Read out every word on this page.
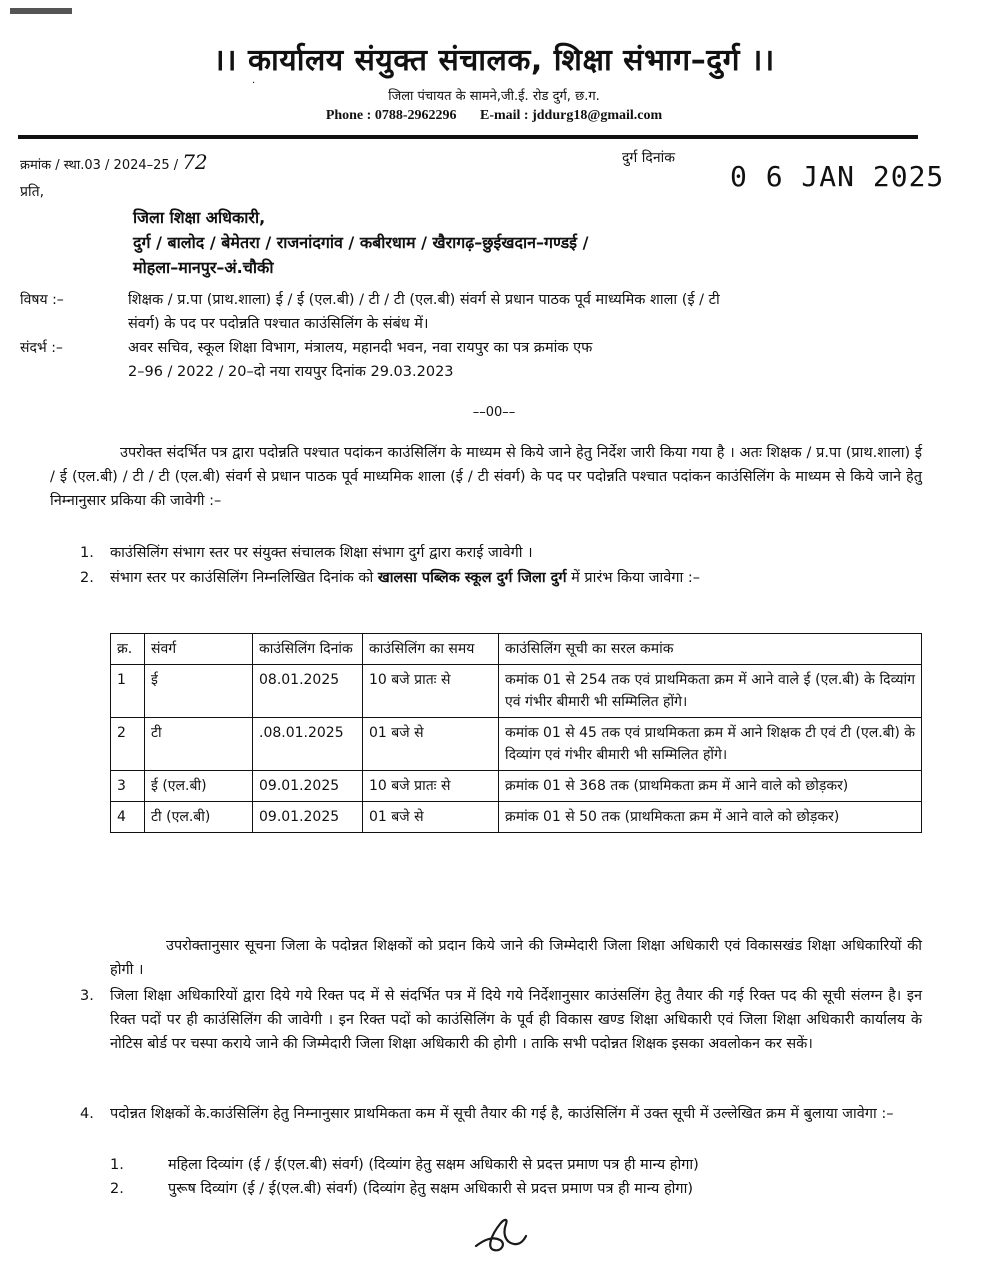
।। कार्यालय संयुक्त संचालक, शिक्षा संभाग–दुर्ग ।।
·
जिला पंचायत के सामने,जी.ई. रोड दुर्ग, छ.ग.
Phone : 0788-2962296 E-mail : jddurg18@gmail.com
क्रमांक / स्था.03 / 2024–25 / 72	दुर्ग दिनांक
0 6 JAN 2025
प्रति,
जिला शिक्षा अधिकारी,
दुर्ग / बालोद / बेमेतरा / राजनांदगांव / कबीरधाम / खैरागढ़–छुईखदान–गण्डई /
मोहला–मानपुर–अं.चौकी
विषय :–	शिक्षक / प्र.पा (प्राथ.शाला) ई / ई (एल.बी) / टी / टी (एल.बी) संवर्ग से प्रधान पाठक पूर्व माध्यमिक शाला (ई / टी
संवर्ग) के पद पर पदोन्नति पश्चात काउंसिलिंग के संबंध में।
संदर्भ :–	अवर सचिव, स्कूल शिक्षा विभाग, मंत्रालय, महानदी भवन, नवा रायपुर का पत्र क्रमांक एफ
2–96 / 2022 / 20–दो नया रायपुर दिनांक 29.03.2023
––00––
उपरोक्त संदर्भित पत्र द्वारा पदोन्नति पश्चात पदांकन काउंसिलिंग के माध्यम से किये जाने हेतु निर्देश जारी किया गया है । अतः शिक्षक / प्र.पा (प्राथ.शाला) ई / ई (एल.बी) / टी / टी (एल.बी) संवर्ग से प्रधान पाठक पूर्व माध्यमिक शाला (ई / टी संवर्ग) के पद पर पदोन्नति पश्चात पदांकन काउंसिलिंग के माध्यम से किये जाने हेतु निम्नानुसार प्रकिया की जावेगी :–
1. काउंसिलिंग संभाग स्तर पर संयुक्त संचालक शिक्षा संभाग दुर्ग द्वारा कराई जावेगी ।
2. संभाग स्तर पर काउंसिलिंग निम्नलिखित दिनांक को खालसा पब्लिक स्कूल दुर्ग जिला दुर्ग में प्रारंभ किया जावेगा :–
क्र.	संवर्ग	काउंसिलिंग दिनांक	काउंसिलिंग का समय	काउंसिलिंग सूची का सरल कमांक
1	ई	08.01.2025	10 बजे प्रातः से	कमांक 01 से 254 तक एवं प्राथमिकता क्रम में आने वाले ई (एल.बी) के दिव्यांग एवं गंभीर बीमारी भी सम्मिलित होंगे।
2	टी	.08.01.2025	01 बजे से	कमांक 01 से 45 तक एवं प्राथमिकता क्रम में आने शिक्षक टी एवं टी (एल.बी) के दिव्यांग एवं गंभीर बीमारी भी सम्मिलित होंगे।
3	ई (एल.बी)	09.01.2025	10 बजे प्रातः से	क्रमांक 01 से 368 तक (प्राथमिकता क्रम में आने वाले को छोड़कर)
4	टी (एल.बी)	09.01.2025	01 बजे से	क्रमांक 01 से 50 तक (प्राथमिकता क्रम में आने वाले को छोड़कर)
उपरोक्तानुसार सूचना जिला के पदोन्नत शिक्षकों को प्रदान किये जाने की जिम्मेदारी जिला शिक्षा अधिकारी एवं विकासखंड शिक्षा अधिकारियों की होगी ।
3. जिला शिक्षा अधिकारियों द्वारा दिये गये रिक्त पद में से संदर्भित पत्र में दिये गये निर्देशानुसार काउंसलिंग हेतु तैयार की गई रिक्त पद की सूची संलग्न है। इन रिक्त पदों पर ही काउंसिलिंग की जावेगी । इन रिक्त पदों को काउंसिलिंग के पूर्व ही विकास खण्ड शिक्षा अधिकारी एवं जिला शिक्षा अधिकारी कार्यालय के नोटिस बोर्ड पर चस्पा कराये जाने की जिम्मेदारी जिला शिक्षा अधिकारी की होगी । ताकि सभी पदोन्नत शिक्षक इसका अवलोकन कर सकें।
4. पदोन्नत शिक्षकों के.काउंसिलिंग हेतु निम्नानुसार प्राथमिकता कम में सूची तैयार की गई है, काउंसिलिंग में उक्त सूची में उल्लेखित क्रम में बुलाया जावेगा :–
1.	महिला दिव्यांग (ई / ई(एल.बी) संवर्ग) (दिव्यांग हेतु सक्षम अधिकारी से प्रदत्त प्रमाण पत्र ही मान्य होगा)
2.	पुरूष दिव्यांग (ई / ई(एल.बी) संवर्ग) (दिव्यांग हेतु सक्षम अधिकारी से प्रदत्त प्रमाण पत्र ही मान्य होगा)
